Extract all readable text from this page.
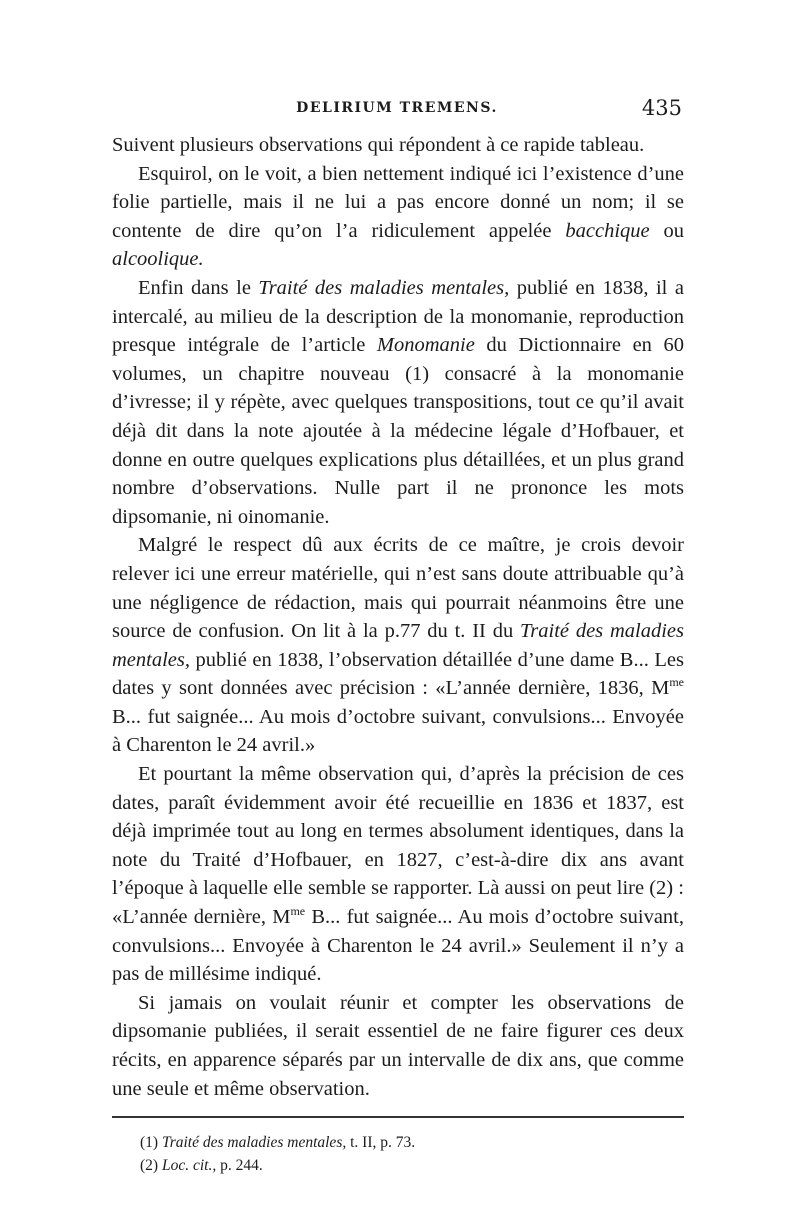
DELIRIUM TREMENS.	435

Suivent plusieurs observations qui répondent à ce rapide tableau.

Esquirol, on le voit, a bien nettement indiqué ici l’existence d’une folie partielle, mais il ne lui a pas encore donné un nom; il se contente de dire qu’on l’a ridiculement appelée bacchique ou alcoolique.

Enfin dans le Traité des maladies mentales, publié en 1838, il a intercalé, au milieu de la description de la monomanie, reproduction presque intégrale de l’article Monomanie du Dictionnaire en 60 volumes, un chapitre nouveau (1) consacré à la monomanie d’ivresse; il y répète, avec quelques transpositions, tout ce qu’il avait déjà dit dans la note ajoutée à la médecine légale d’Hofbauer, et donne en outre quelques explications plus détaillées, et un plus grand nombre d’observations. Nulle part il ne prononce les mots dipsomanie, ni oinomanie.

Malgré le respect dû aux écrits de ce maître, je crois devoir relever ici une erreur matérielle, qui n’est sans doute attribuable qu’à une négligence de rédaction, mais qui pourrait néanmoins être une source de confusion. On lit à la p.77 du t. II du Traité des maladies mentales, publié en 1838, l’observation détaillée d’une dame B... Les dates y sont données avec précision : «L’année dernière, 1836, $M^{me}$ B... fut saignée... Au mois d’octobre suivant, convulsions... Envoyée à Charenton le 24 avril.»

Et pourtant la même observation qui, d’après la précision de ces dates, paraît évidemment avoir été recueillie en 1836 et 1837, est déjà imprimée tout au long en termes absolument identiques, dans la note du Traité d’Hofbauer, en 1827, c’est-à-dire dix ans avant l’époque à laquelle elle semble se rapporter. Là aussi on peut lire (2) : «L’année dernière, $M^{me}$ B... fut saignée... Au mois d’octobre suivant, convulsions... Envoyée à Charenton le 24 avril.» Seulement il n’y a pas de millésime indiqué.

Si jamais on voulait réunir et compter les observations de dipsomanie publiées, il serait essentiel de ne faire figurer ces deux récits, en apparence séparés par un intervalle de dix ans, que comme une seule et même observation.

(1) Traité des maladies mentales, t. II, p. 73.
(2) Loc. cit., p. 244.
